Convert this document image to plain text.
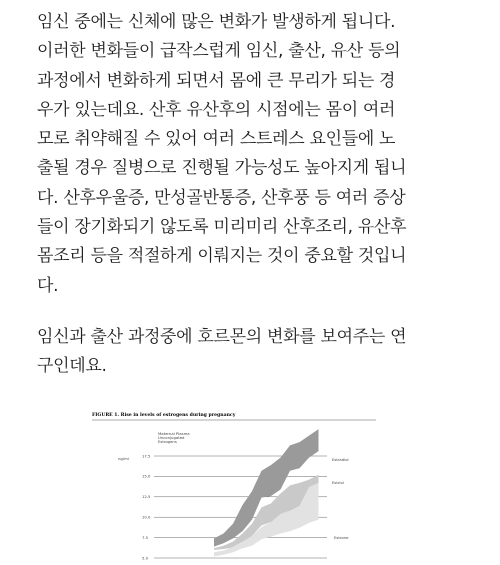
임신 중에는 신체에 많은 변화가 발생하게 됩니다.
이러한 변화들이 급작스럽게 임신, 출산, 유산 등의
과정에서 변화하게 되면서 몸에 큰 무리가 되는 경
우가 있는데요. 산후 유산후의 시점에는 몸이 여러
모로 취약해질 수 있어 여러 스트레스 요인들에 노
출될 경우 질병으로 진행될 가능성도 높아지게 됩니
다. 산후우울증, 만성골반통증, 산후풍 등 여러 증상
들이 장기화되기 않도록 미리미리 산후조리, 유산후
몸조리 등을 적절하게 이뤄지는 것이 중요할 것입니
다.
임신과 출산 과정중에 호르몬의 변화를 보여주는 연
구인데요.
FIGURE 1. Rise in levels of estrogens during pregnancy
Maternal Plasma
Unconjugated
Estrogens
ng/ml
17.5
15.0
12.5
10.0
7.5
5.0
Estradiol
Estriol
Estrone
